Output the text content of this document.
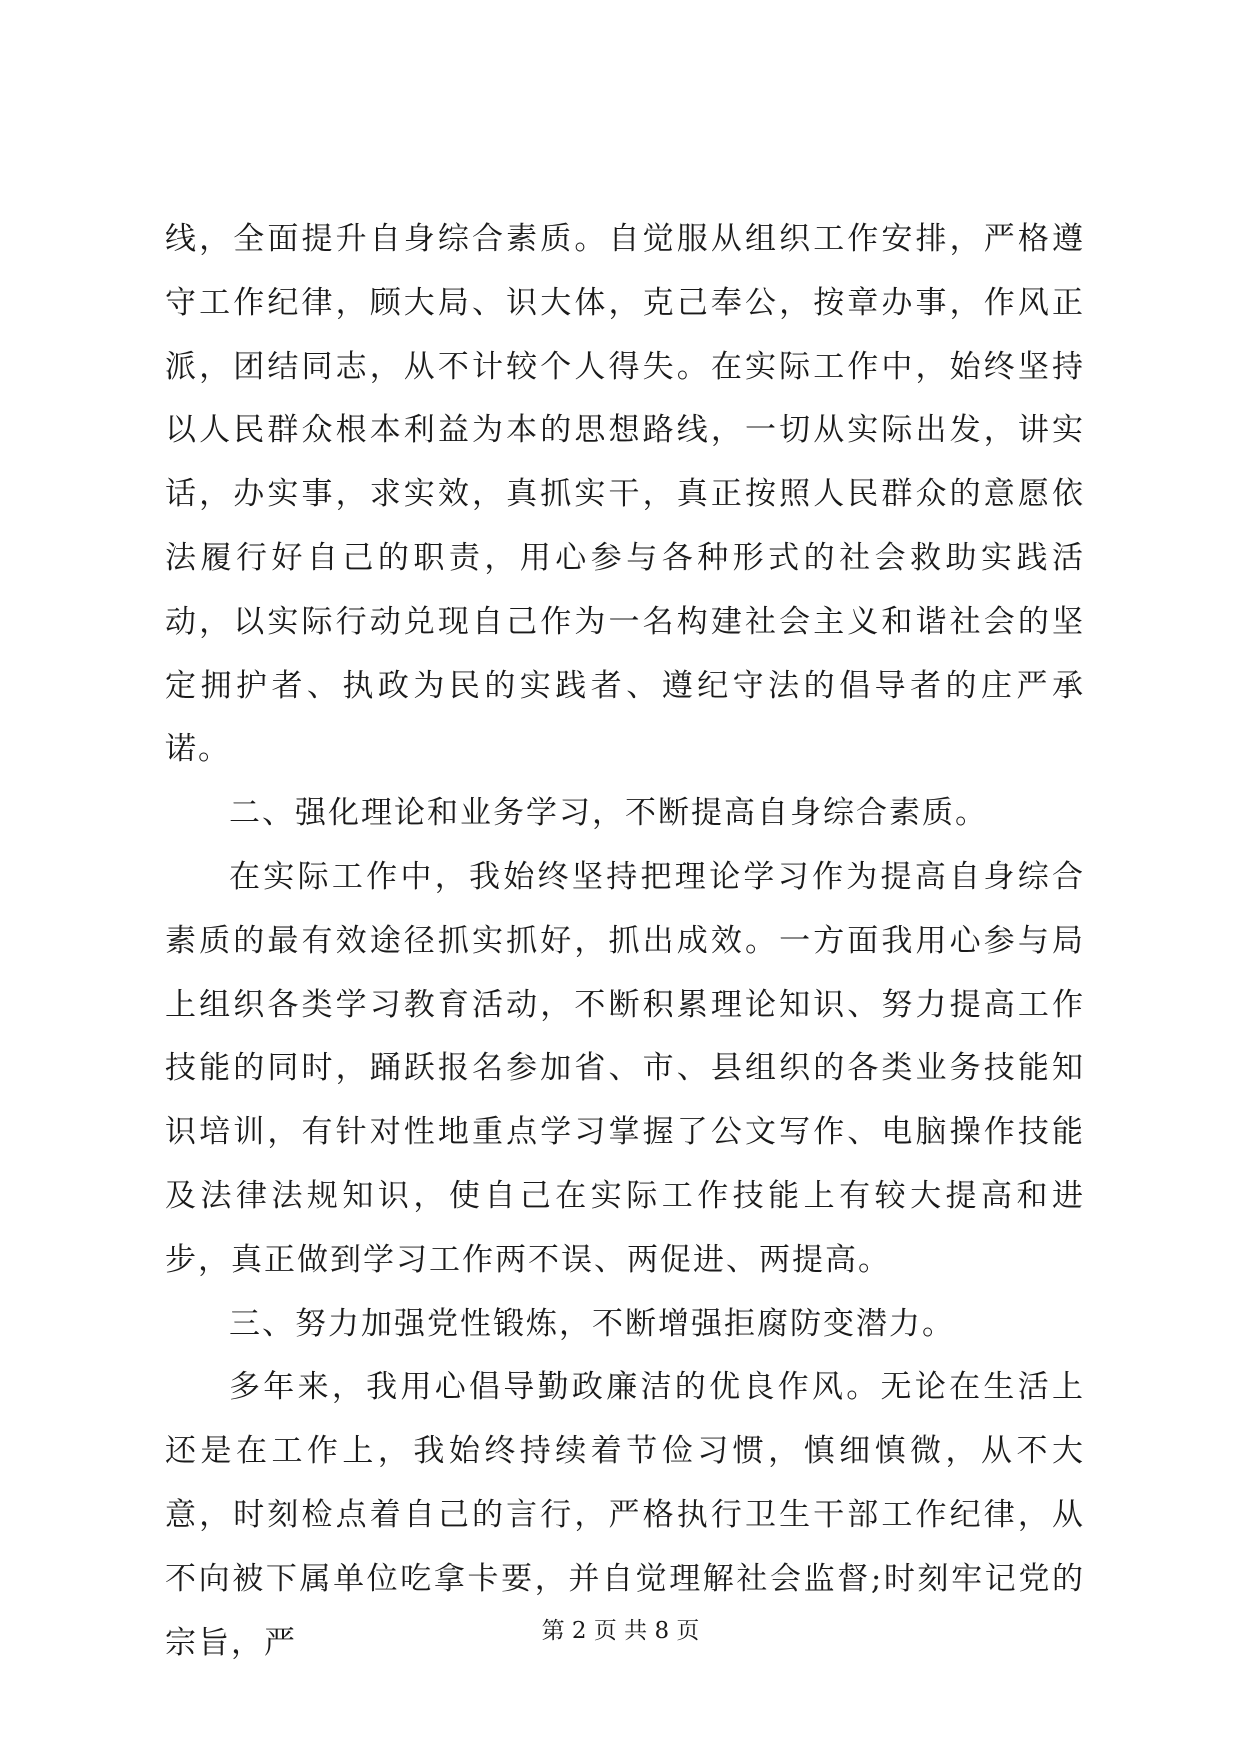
线，全面提升自身综合素质。自觉服从组织工作安排，严格遵守工作纪律，顾大局、识大体，克己奉公，按章办事，作风正派，团结同志，从不计较个人得失。在实际工作中，始终坚持以人民群众根本利益为本的思想路线，一切从实际出发，讲实话，办实事，求实效，真抓实干，真正按照人民群众的意愿依法履行好自己的职责，用心参与各种形式的社会救助实践活动，以实际行动兑现自己作为一名构建社会主义和谐社会的坚定拥护者、执政为民的实践者、遵纪守法的倡导者的庄严承诺。

二、强化理论和业务学习，不断提高自身综合素质。

在实际工作中，我始终坚持把理论学习作为提高自身综合素质的最有效途径抓实抓好，抓出成效。一方面我用心参与局上组织各类学习教育活动，不断积累理论知识、努力提高工作技能的同时，踊跃报名参加省、市、县组织的各类业务技能知识培训，有针对性地重点学习掌握了公文写作、电脑操作技能及法律法规知识，使自己在实际工作技能上有较大提高和进步，真正做到学习工作两不误、两促进、两提高。

三、努力加强党性锻炼，不断增强拒腐防变潜力。

多年来，我用心倡导勤政廉洁的优良作风。无论在生活上还是在工作上，我始终持续着节俭习惯，慎细慎微，从不大意，时刻检点着自己的言行，严格执行卫生干部工作纪律，从不向被下属单位吃拿卡要，并自觉理解社会监督;时刻牢记党的宗旨，严	第 2 页 共 8 页
